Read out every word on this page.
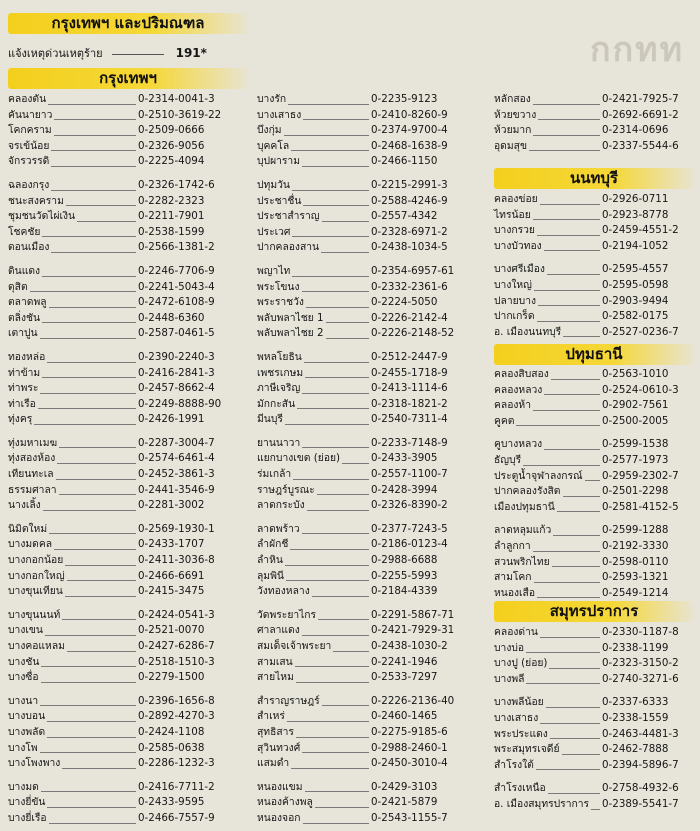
กกทท
กรุงเทพฯ และปริมณฑล
แจ้งเหตุด่วนเหตุร้าย	191*
กรุงเทพฯ
คลองตัน	0-2314-0041-3
คันนายาว	0-2510-3619-22
โคกคราม	0-2509-0666
จรเข้น้อย	0-2326-9056
จักรวรรดิ	0-2225-4094
ฉลองกรุง	0-2326-1742-6
ชนะสงคราม	0-2282-2323
ชุมชนวัดไผ่เงิน	0-2211-7901
โชคชัย	0-2538-1599
ดอนเมือง	0-2566-1381-2
ดินแดง	0-2246-7706-9
ดุสิต	0-2241-5043-4
ตลาดพลู	0-2472-6108-9
ตลิ่งชัน	0-2448-6360
เตาปูน	0-2587-0461-5
ทองหล่อ	0-2390-2240-3
ท่าข้าม	0-2416-2841-3
ท่าพระ	0-2457-8662-4
ท่าเรือ	0-2249-8888-90
ทุ่งครุ	0-2426-1991
ทุ่งมหาเมฆ	0-2287-3004-7
ทุ่งสองห้อง	0-2574-6461-4
เทียนทะเล	0-2452-3861-3
ธรรมศาลา	0-2441-3546-9
นางเลิ้ง	0-2281-3002
นิมิตใหม่	0-2569-1930-1
บางมดคล	0-2433-1707
บางกอกน้อย	0-2411-3036-8
บางกอกใหญ่	0-2466-6691
บางขุนเทียน	0-2415-3475
บางขุนนนท์	0-2424-0541-3
บางเขน	0-2521-0070
บางคอแหลม	0-2427-6286-7
บางชัน	0-2518-1510-3
บางซื่อ	0-2279-1500
บางนา	0-2396-1656-8
บางบอน	0-2892-4270-3
บางพลัด	0-2424-1108
บางโพ	0-2585-0638
บางโพงพาง	0-2286-1232-3
บางมด	0-2416-7711-2
บางยี่ขัน	0-2433-9595
บางยี่เรือ	0-2466-7557-9
บางรัก	0-2235-9123
บางเสาธง	0-2410-8260-9
บึงกุ่ม	0-2374-9700-4
บุคคโล	0-2468-1638-9
บุปผาราม	0-2466-1150
ปทุมวัน	0-2215-2991-3
ประชาชื่น	0-2588-4246-9
ประชาสำราญ	0-2557-4342
ประเวศ	0-2328-6971-2
ปากคลองสาน	0-2438-1034-5
พญาไท	0-2354-6957-61
พระโขนง	0-2332-2361-6
พระราชวัง	0-2224-5050
พลับพลาไชย 1	0-2226-2142-4
พลับพลาไชย 2	0-2226-2148-52
พหลโยธิน	0-2512-2447-9
เพชรเกษม	0-2455-1718-9
ภาษีเจริญ	0-2413-1114-6
มักกะสัน	0-2318-1821-2
มีนบุรี	0-2540-7311-4
ยานนาวา	0-2233-7148-9
แยกบางเขต (ย่อย)	0-2433-3905
ร่มเกล้า	0-2557-1100-7
ราษฎร์บูรณะ	0-2428-3994
ลาดกระบัง	0-2326-8390-2
ลาดพร้าว	0-2377-7243-5
ลำผักชี	0-2186-0123-4
ลำหิน	0-2988-6688
ลุมพินี	0-2255-5993
วังทองหลาง	0-2184-4339
วัดพระยาไกร	0-2291-5867-71
ศาลาแดง	0-2421-7929-31
สมเด็จเจ้าพระยา	0-2438-1030-2
สามเสน	0-2241-1946
สายไหม	0-2533-7297
สำราญราษฎร์	0-2226-2136-40
สำเหร่	0-2460-1465
สุทธิสาร	0-2275-9185-6
สุวินทวงศ์	0-2988-2460-1
แสมดำ	0-2450-3010-4
หนองแขม	0-2429-3103
หนองค้างพลู	0-2421-5879
หนองจอก	0-2543-1155-7
หลักสอง	0-2421-7925-7
ห้วยขวาง	0-2692-6691-2
ห้วยมาก	0-2314-0696
อุดมสุข	0-2337-5544-6
นนทบุรี
คลองข่อย	0-2926-0711
ไทรน้อย	0-2923-8778
บางกรวย	0-2459-4551-2
บางบัวทอง	0-2194-1052
บางศรีเมือง	0-2595-4557
บางใหญ่	0-2595-0598
ปลายบาง	0-2903-9494
ปากเกร็ด	0-2582-0175
อ. เมืองนนทบุรี	0-2527-0236-7
ปทุมธานี
คลองสิบสอง	0-2563-1010
คลองหลวง	0-2524-0610-3
คลองห้า	0-2902-7561
คูคต	0-2500-2005
คูบางหลวง	0-2599-1538
ธัญบุรี	0-2577-1973
ประตูน้ำจุฬาลงกรณ์ 0-2959-2302-7
ปากคลองรังสิต	0-2501-2298
เมืองปทุมธานี	0-2581-4152-5
ลาดหลุมแก้ว	0-2599-1288
ลำลูกกา	0-2192-3330
สวนพริกไทย	0-2598-0110
สามโคก	0-2593-1321
หนองเสือ	0-2549-1214
สมุทรปราการ
คลองด่าน	0-2330-1187-8
บางบ่อ	0-2338-1199
บางปู (ย่อย)	0-2323-3150-2
บางพลี	0-2740-3271-6
บางพลีน้อย	0-2337-6333
บางเสาธง	0-2338-1559
พระประแดง	0-2463-4481-3
พระสมุทรเจดีย์	0-2462-7888
สำโรงใต้	0-2394-5896-7
สำโรงเหนือ	0-2758-4932-6
อ. เมืองสมุทรปราการ 0-2389-5541-7
